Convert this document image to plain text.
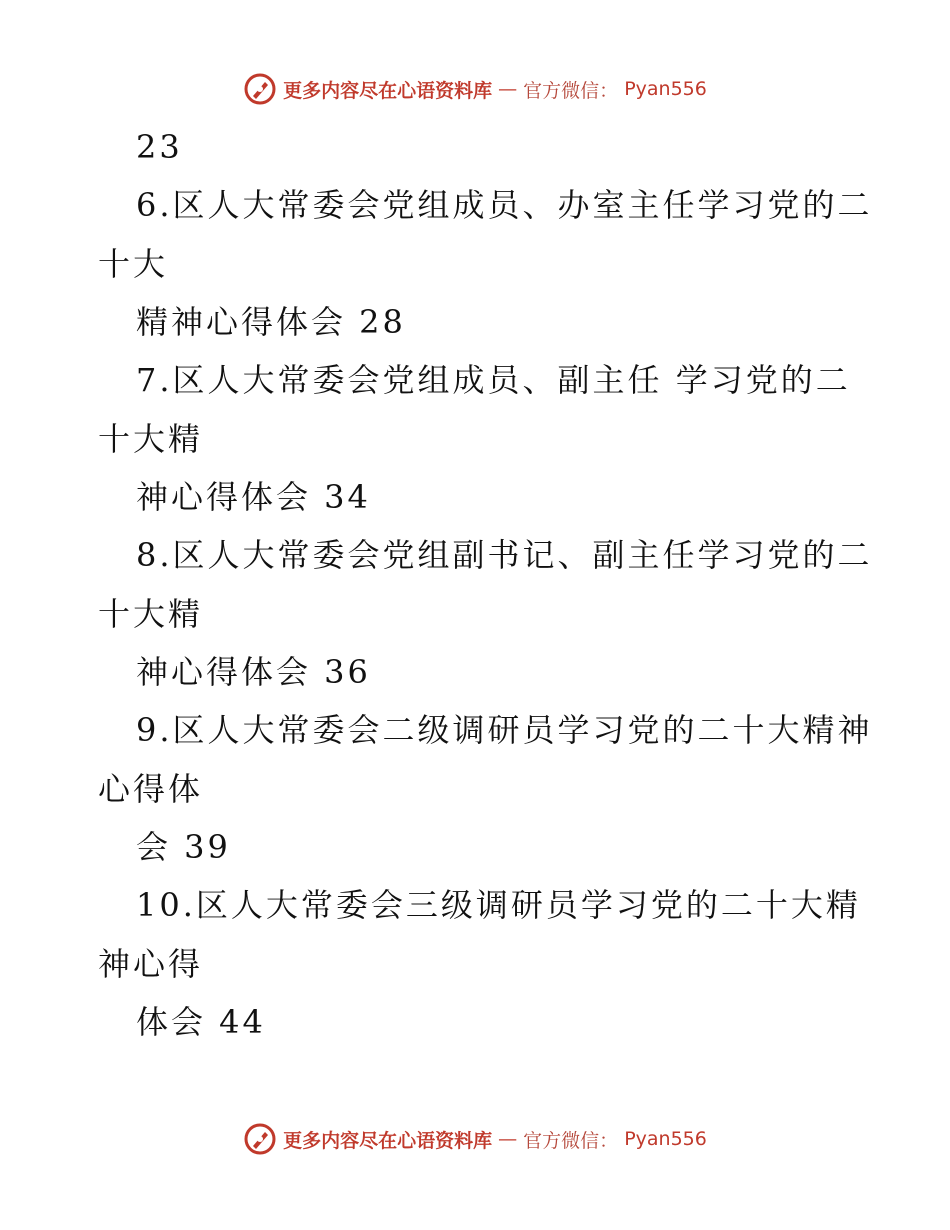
更多内容尽在心语资料库 — 官方微信： Pyan556
23
6.区人大常委会党组成员、办室主任学习党的二
十大
精神心得体会 28
7.区人大常委会党组成员、副主任 学习党的二
十大精
神心得体会 34
8.区人大常委会党组副书记、副主任学习党的二
十大精
神心得体会 36
9.区人大常委会二级调研员学习党的二十大精神
心得体
会 39
10.区人大常委会三级调研员学习党的二十大精
神心得
体会 44
更多内容尽在心语资料库 — 官方微信： Pyan556
